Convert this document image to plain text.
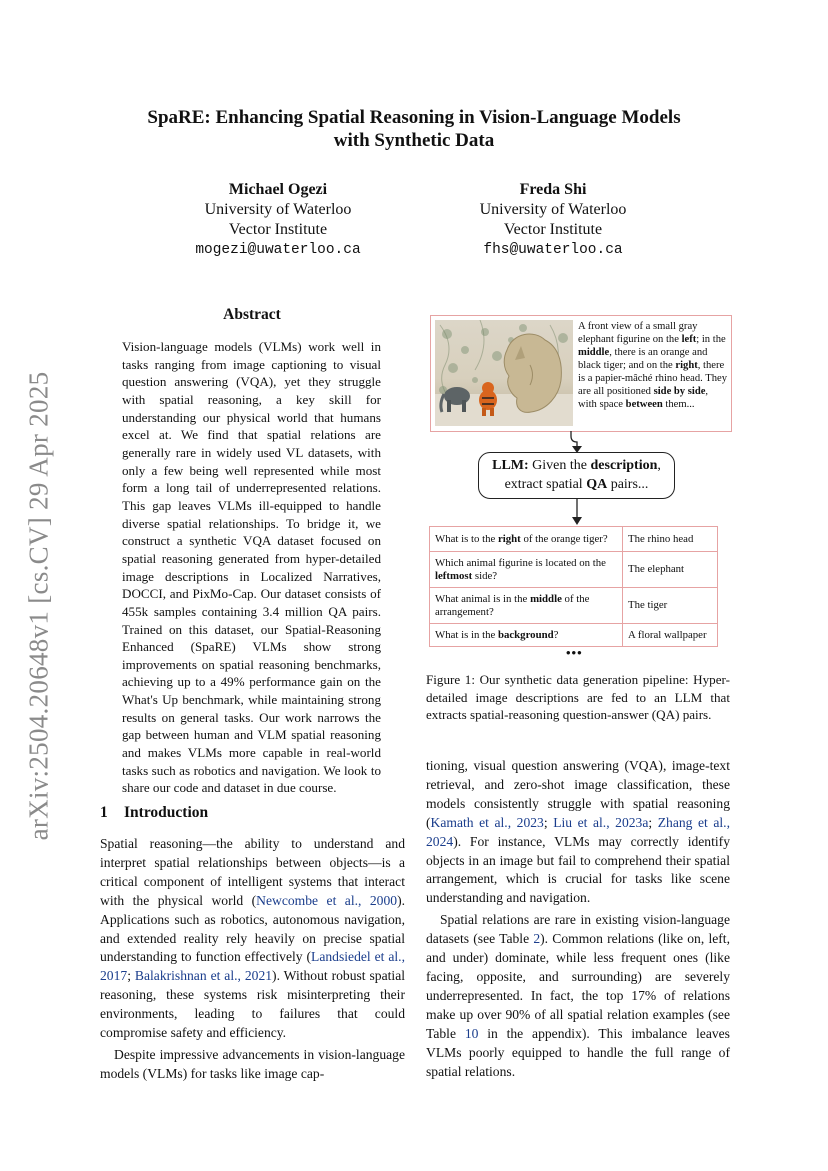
arXiv:2504.20648v1 [cs.CV] 29 Apr 2025
SpaRE: Enhancing Spatial Reasoning in Vision-Language Models
with Synthetic Data
Michael Ogezi
University of Waterloo
Vector Institute
mogezi@uwaterloo.ca
Freda Shi
University of Waterloo
Vector Institute
fhs@uwaterloo.ca
Abstract
Vision-language models (VLMs) work well in tasks ranging from image captioning to visual question answering (VQA), yet they struggle with spatial reasoning, a key skill for understanding our physical world that humans excel at. We find that spatial relations are generally rare in widely used VL datasets, with only a few being well represented while most form a long tail of underrepresented relations. This gap leaves VLMs ill-equipped to handle diverse spatial relationships. To bridge it, we construct a synthetic VQA dataset focused on spatial reasoning generated from hyper-detailed image descriptions in Localized Narratives, DOCCI, and PixMo-Cap. Our dataset consists of 455k samples containing 3.4 million QA pairs. Trained on this dataset, our Spatial-Reasoning Enhanced (SpaRE) VLMs show strong improvements on spatial reasoning benchmarks, achieving up to a 49% performance gain on the What's Up benchmark, while maintaining strong results on general tasks. Our work narrows the gap between human and VLM spatial reasoning and makes VLMs more capable in real-world tasks such as robotics and navigation. We look to share our code and dataset in due course.
A front view of a small gray elephant figurine on the left; in the middle, there is an orange and black tiger; and on the right, there is a papier-mâché rhino head. They are all positioned side by side, with space between them...
LLM: Given the description,
extract spatial QA pairs...
What is to the right of the orange tiger?	The rhino head
Which animal figurine is located on the leftmost side?	The elephant
What animal is in the middle of the arrangement?	The tiger
What is in the background?	A floral wallpaper
•••
Figure 1: Our synthetic data generation pipeline: Hyper-detailed image descriptions are fed to an LLM that extracts spatial-reasoning question-answer (QA) pairs.
1 Introduction

Spatial reasoning—the ability to understand and interpret spatial relationships between objects—is a critical component of intelligent systems that interact with the physical world (Newcombe et al., 2000). Applications such as robotics, autonomous navigation, and extended reality rely heavily on precise spatial understanding to function effectively (Landsiedel et al., 2017; Balakrishnan et al., 2021). Without robust spatial reasoning, these systems risk misinterpreting their environments, leading to failures that could compromise safety and efficiency.

Despite impressive advancements in vision-language models (VLMs) for tasks like image cap-

tioning, visual question answering (VQA), image-text retrieval, and zero-shot image classification, these models consistently struggle with spatial reasoning (Kamath et al., 2023; Liu et al., 2023a; Zhang et al., 2024). For instance, VLMs may correctly identify objects in an image but fail to comprehend their spatial arrangement, which is crucial for tasks like scene understanding and navigation.

Spatial relations are rare in existing vision-language datasets (see Table 2). Common relations (like on, left, and under) dominate, while less frequent ones (like facing, opposite, and surrounding) are severely underrepresented. In fact, the top 17% of relations make up over 90% of all spatial relation examples (see Table 10 in the appendix). This imbalance leaves VLMs poorly equipped to handle the full range of spatial relations.
